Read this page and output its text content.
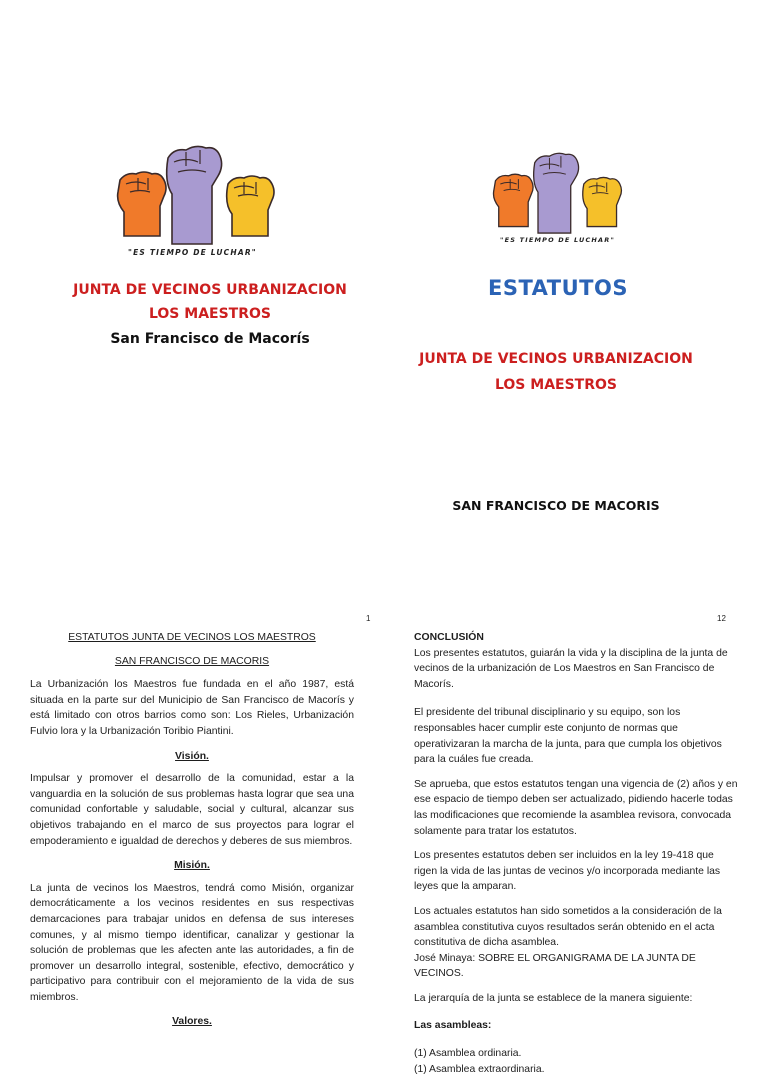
"ES TIEMPO DE LUCHAR"
JUNTA DE VECINOS URBANIZACION
LOS MAESTROS
San Francisco de Macorís
"ES TIEMPO DE LUCHAR"
ESTATUTOS
JUNTA DE VECINOS URBANIZACION
LOS MAESTROS
SAN FRANCISCO DE MACORIS
1	12

ESTATUTOS JUNTA DE VECINOS LOS MAESTROS

SAN FRANCISCO DE MACORIS

La Urbanización los Maestros fue fundada en el año 1987, está situada en la parte sur del Municipio de San Francisco de Macorís y está limitado con otros barrios como son: Los Rieles, Urbanización Fulvio lora y la Urbanización Toribio Piantini.

Visión.

Impulsar y promover el desarrollo de la comunidad, estar a la vanguardia en la solución de sus problemas hasta lograr que sea una comunidad confortable y saludable, social y cultural, alcanzar sus objetivos trabajando en el marco de sus proyectos para lograr el empoderamiento e igualdad de derechos y deberes de sus miembros.

Misión.

La junta de vecinos los Maestros, tendrá como Misión, organizar democráticamente a los vecinos residentes en sus respectivas demarcaciones para trabajar unidos en defensa de sus intereses comunes, y al mismo tiempo identificar, canalizar y gestionar la solución de problemas que les afecten ante las autoridades, a fin de promover un desarrollo integral, sostenible, efectivo, democrático y participativo para contribuir con el mejoramiento de la vida de sus miembros.

Valores.

CONCLUSIÓN

Los presentes estatutos, guiarán la vida y la disciplina de la junta de vecinos de la urbanización de Los Maestros en San Francisco de Macorís.

El presidente del tribunal disciplinario y su equipo, son los responsables hacer cumplir este conjunto de normas que operativizaran la marcha de la junta, para que cumpla los objetivos para la cuáles fue creada.

Se aprueba, que estos estatutos tengan una vigencia de (2) años y en ese espacio de tiempo deben ser actualizado, pidiendo hacerle todas las modificaciones que recomiende la asamblea revisora, convocada solamente para tratar los estatutos.

Los presentes estatutos deben ser incluidos en la ley 19-418 que rigen la vida de las juntas de vecinos y/o incorporada mediante las leyes que la amparan.

Los actuales estatutos han sido sometidos a la consideración de la asamblea constitutiva cuyos resultados serán obtenido en el acta constitutiva de dicha asamblea.

José Minaya: SOBRE EL ORGANIGRAMA DE LA JUNTA DE VECINOS.

La jerarquía de la junta se establece de la manera siguiente:

Las asambleas:

(1) Asamblea ordinaria.
(1) Asamblea extraordinaria.
